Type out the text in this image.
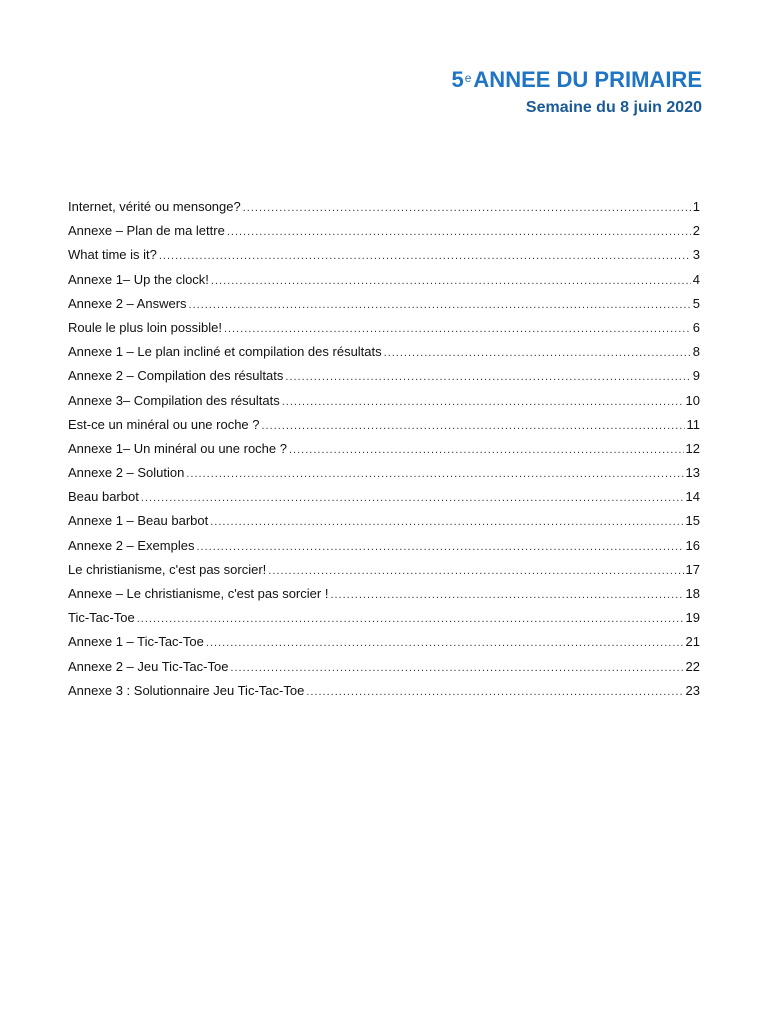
5eANNEE DU PRIMAIRE
Semaine du 8 juin 2020
Internet, vérité ou mensonge? .....	1
Annexe – Plan de ma lettre .....	2
What time is it? .....	3
Annexe 1– Up the clock! .....	4
Annexe 2 – Answers .....	5
Roule le plus loin possible! .....	6
Annexe 1 – Le plan incliné et compilation des résultats .....	8
Annexe 2 – Compilation des résultats .....	9
Annexe 3– Compilation des résultats .....	10
Est-ce un minéral ou une roche ? .....	11
Annexe 1– Un minéral ou une roche ? .....	12
Annexe 2 – Solution .....	13
Beau barbot .....	14
Annexe 1 – Beau barbot .....	15
Annexe 2 – Exemples .....	16
Le christianisme, c'est pas sorcier! .....	17
Annexe – Le christianisme, c'est pas sorcier ! .....	18
Tic-Tac-Toe .....	19
Annexe 1 – Tic-Tac-Toe .....	21
Annexe 2 – Jeu Tic-Tac-Toe .....	22
Annexe 3 : Solutionnaire Jeu Tic-Tac-Toe .....	23
